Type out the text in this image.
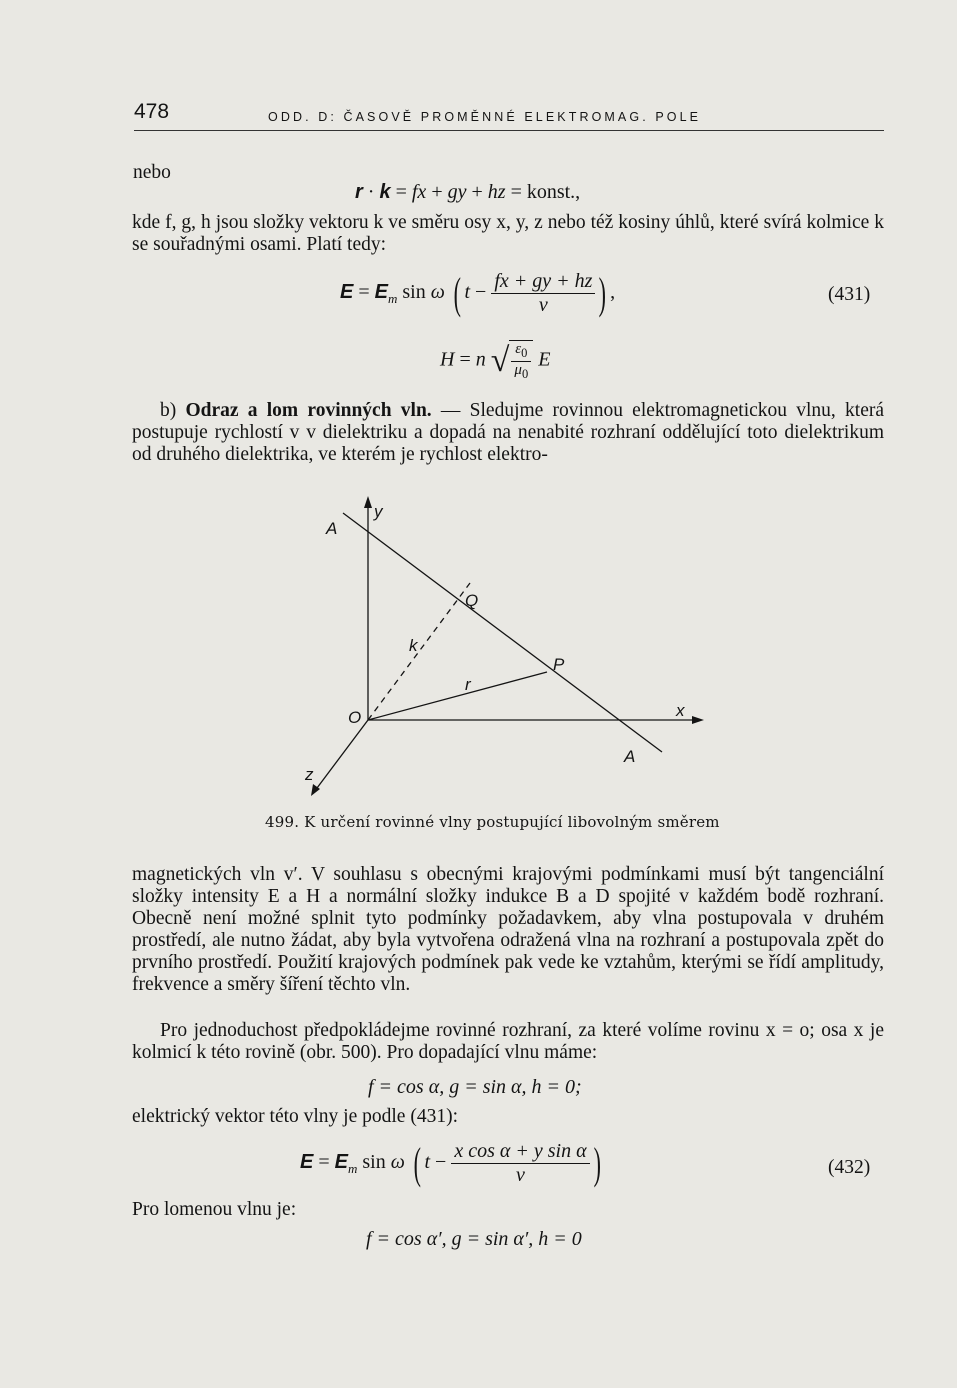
478	ODD. D: ČASOVĚ PROMĚNNÉ ELEKTROMAG. POLE
nebo
r · k = fx + gy + hz = konst.,
kde f, g, h jsou složky vektoru k ve směru osy x, y, z nebo též kosiny úhlů, které svírá kolmice k se souřadnými osami. Platí tedy:
$E = E_m$ sin ω ( $t - \frac{fx + gy + hz}{v}$ ) ,	(431)
H = n √ $\frac{\varepsilon_0}{\mu_0}$ E
b) Odraz a lom rovinných vln. — Sledujme rovinnou elektromagnetickou vlnu, která postupuje rychlostí v v dielektriku a dopadá na nenabité rozhraní oddělující toto dielektrikum od druhého dielektrika, ve kterém je rychlost elektro-
A
y
Q
k
P
r
O	x
A
z
499. K určení rovinné vlny postupující libovolným směrem
magnetických vln v′. V souhlasu s obecnými krajovými podmínkami musí být tangenciální složky intensity E a H a normální složky indukce B a D spojité v každém bodě rozhraní. Obecně není možné splnit tyto podmínky požadavkem, aby vlna postupovala v druhém prostředí, ale nutno žádat, aby byla vytvořena odražená vlna na rozhraní a postupovala zpět do prvního prostředí. Použití krajových podmínek pak vede ke vztahům, kterými se řídí amplitudy, frekvence a směry šíření těchto vln.
Pro jednoduchost předpokládejme rovinné rozhraní, za které volíme rovinu x = o; osa x je kolmicí k této rovině (obr. 500). Pro dopadající vlnu máme:
f = cos α, g = sin α, h = 0;
elektrický vektor této vlny je podle (431):
$E = E_m$ sin ω ( $t - \frac{\text{x cos α + y sin α}}{v}$ )	(432)
Pro lomenou vlnu je:
f = cos α′, g = sin α′, h = 0
